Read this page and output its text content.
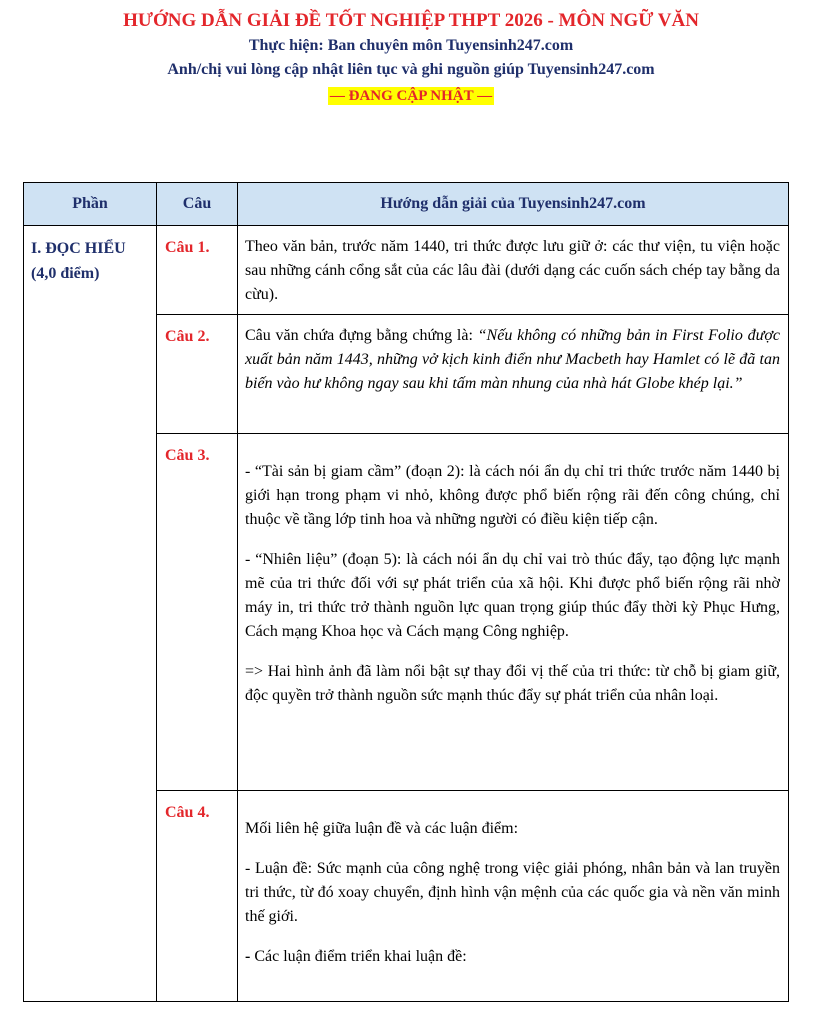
HƯỚNG DẪN GIẢI ĐỀ TỐT NGHIỆP THPT 2026 - MÔN NGỮ VĂN
Thực hiện: Ban chuyên môn Tuyensinh247.com
Anh/chị vui lòng cập nhật liên tục và ghi nguồn giúp Tuyensinh247.com
— ĐANG CẬP NHẬT —
Phần	Câu	Hướng dẫn giải của Tuyensinh247.com

I. ĐỌC HIỂU
(4,0 điểm)	Câu 1.	Theo văn bản, trước năm 1440, tri thức được lưu giữ ở: các thư viện, tu viện hoặc sau những cánh cổng sắt của các lâu đài (dưới dạng các cuốn sách chép tay bằng da cừu).

	Câu 2.	Câu văn chứa đựng bằng chứng là: “Nếu không có những bản in First Folio được xuất bản năm 1443, những vở kịch kinh điển như Macbeth hay Hamlet có lẽ đã tan biến vào hư không ngay sau khi tấm màn nhung của nhà hát Globe khép lại.”

	Câu 3.	- “Tài sản bị giam cầm” (đoạn 2): là cách nói ẩn dụ chỉ tri thức trước năm 1440 bị giới hạn trong phạm vi nhỏ, không được phổ biến rộng rãi đến công chúng, chỉ thuộc về tầng lớp tinh hoa và những người có điều kiện tiếp cận.

- “Nhiên liệu” (đoạn 5): là cách nói ẩn dụ chỉ vai trò thúc đẩy, tạo động lực mạnh mẽ của tri thức đối với sự phát triển của xã hội. Khi được phổ biến rộng rãi nhờ máy in, tri thức trở thành nguồn lực quan trọng giúp thúc đẩy thời kỳ Phục Hưng, Cách mạng Khoa học và Cách mạng Công nghiệp.

=> Hai hình ảnh đã làm nổi bật sự thay đổi vị thế của tri thức: từ chỗ bị giam giữ, độc quyền trở thành nguồn sức mạnh thúc đẩy sự phát triển của nhân loại.

	Câu 4.	Mối liên hệ giữa luận đề và các luận điểm:

- Luận đề: Sức mạnh của công nghệ trong việc giải phóng, nhân bản và lan truyền tri thức, từ đó xoay chuyển, định hình vận mệnh của các quốc gia và nền văn minh thế giới.

- Các luận điểm triển khai luận đề:
